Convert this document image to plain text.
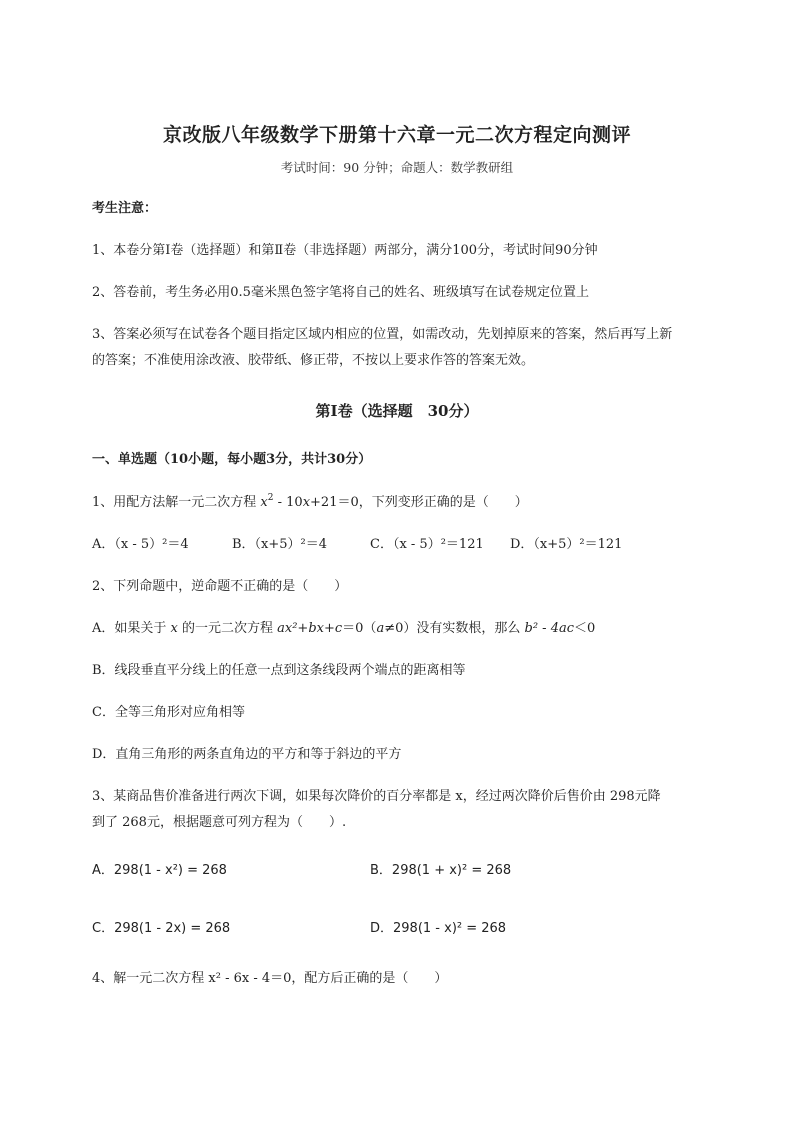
京改版八年级数学下册第十六章一元二次方程定向测评
考试时间：90 分钟；命题人：数学教研组
考生注意：
1、本卷分第Ⅰ卷（选择题）和第Ⅱ卷（非选择题）两部分，满分100分，考试时间90分钟
2、答卷前，考生务必用0.5毫米黑色签字笔将自己的姓名、班级填写在试卷规定位置上
3、答案必须写在试卷各个题目指定区域内相应的位置，如需改动，先划掉原来的答案，然后再写上新
的答案；不准使用涂改液、胶带纸、修正带，不按以上要求作答的答案无效。
第Ⅰ卷（选择题　30分）
一、单选题（10小题，每小题3分，共计30分）
1、用配方法解一元二次方程 $x^2 - 10x+21=0$，下列变形正确的是（　　）
A．（x - 5）²＝4	B．（x+5）²＝4	C．（x - 5）²＝121 D．（x+5）²＝121
2、下列命题中，逆命题不正确的是（　　）
A．如果关于 x 的一元二次方程 ax²+bx+c＝0（a≠0）没有实数根，那么 b² - 4ac＜0
B．线段垂直平分线上的任意一点到这条线段两个端点的距离相等
C．全等三角形对应角相等
D．直角三角形的两条直角边的平方和等于斜边的平方
3、某商品售价准备进行两次下调，如果每次降价的百分率都是 x，经过两次降价后售价由 298元降
到了 268元，根据题意可列方程为（　　）.
A．298(1 - x²) = 268	B．298(1 + x)² = 268
C．298(1 - 2x) = 268	D．298(1 - x)² = 268
4、解一元二次方程 x² - 6x - 4＝0，配方后正确的是（　　）
